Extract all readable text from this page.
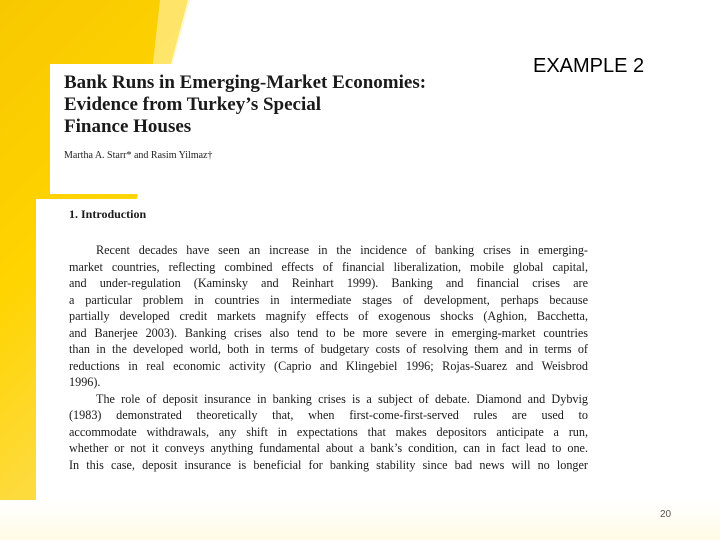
Bank Runs in Emerging-Market Economies:
Evidence from Turkey’s Special
Finance Houses

Martha A. Starr* and Rasim Yilmaz†

EXAMPLE 2
1. Introduction
Recent decades have seen an increase in the incidence of banking crises in emerging-
market countries, reflecting combined effects of financial liberalization, mobile global capital,
and under-regulation (Kaminsky and Reinhart 1999). Banking and financial crises are
a particular problem in countries in intermediate stages of development, perhaps because
partially developed credit markets magnify effects of exogenous shocks (Aghion, Bacchetta,
and Banerjee 2003). Banking crises also tend to be more severe in emerging-market countries
than in the developed world, both in terms of budgetary costs of resolving them and in terms of
reductions in real economic activity (Caprio and Klingebiel 1996; Rojas-Suarez and Weisbrod
1996).
The role of deposit insurance in banking crises is a subject of debate. Diamond and Dybvig
(1983) demonstrated theoretically that, when first-come-first-served rules are used to
accommodate withdrawals, any shift in expectations that makes depositors anticipate a run,
whether or not it conveys anything fundamental about a bank’s condition, can in fact lead to one.
In this case, deposit insurance is beneficial for banking stability since bad news will no longer
20
